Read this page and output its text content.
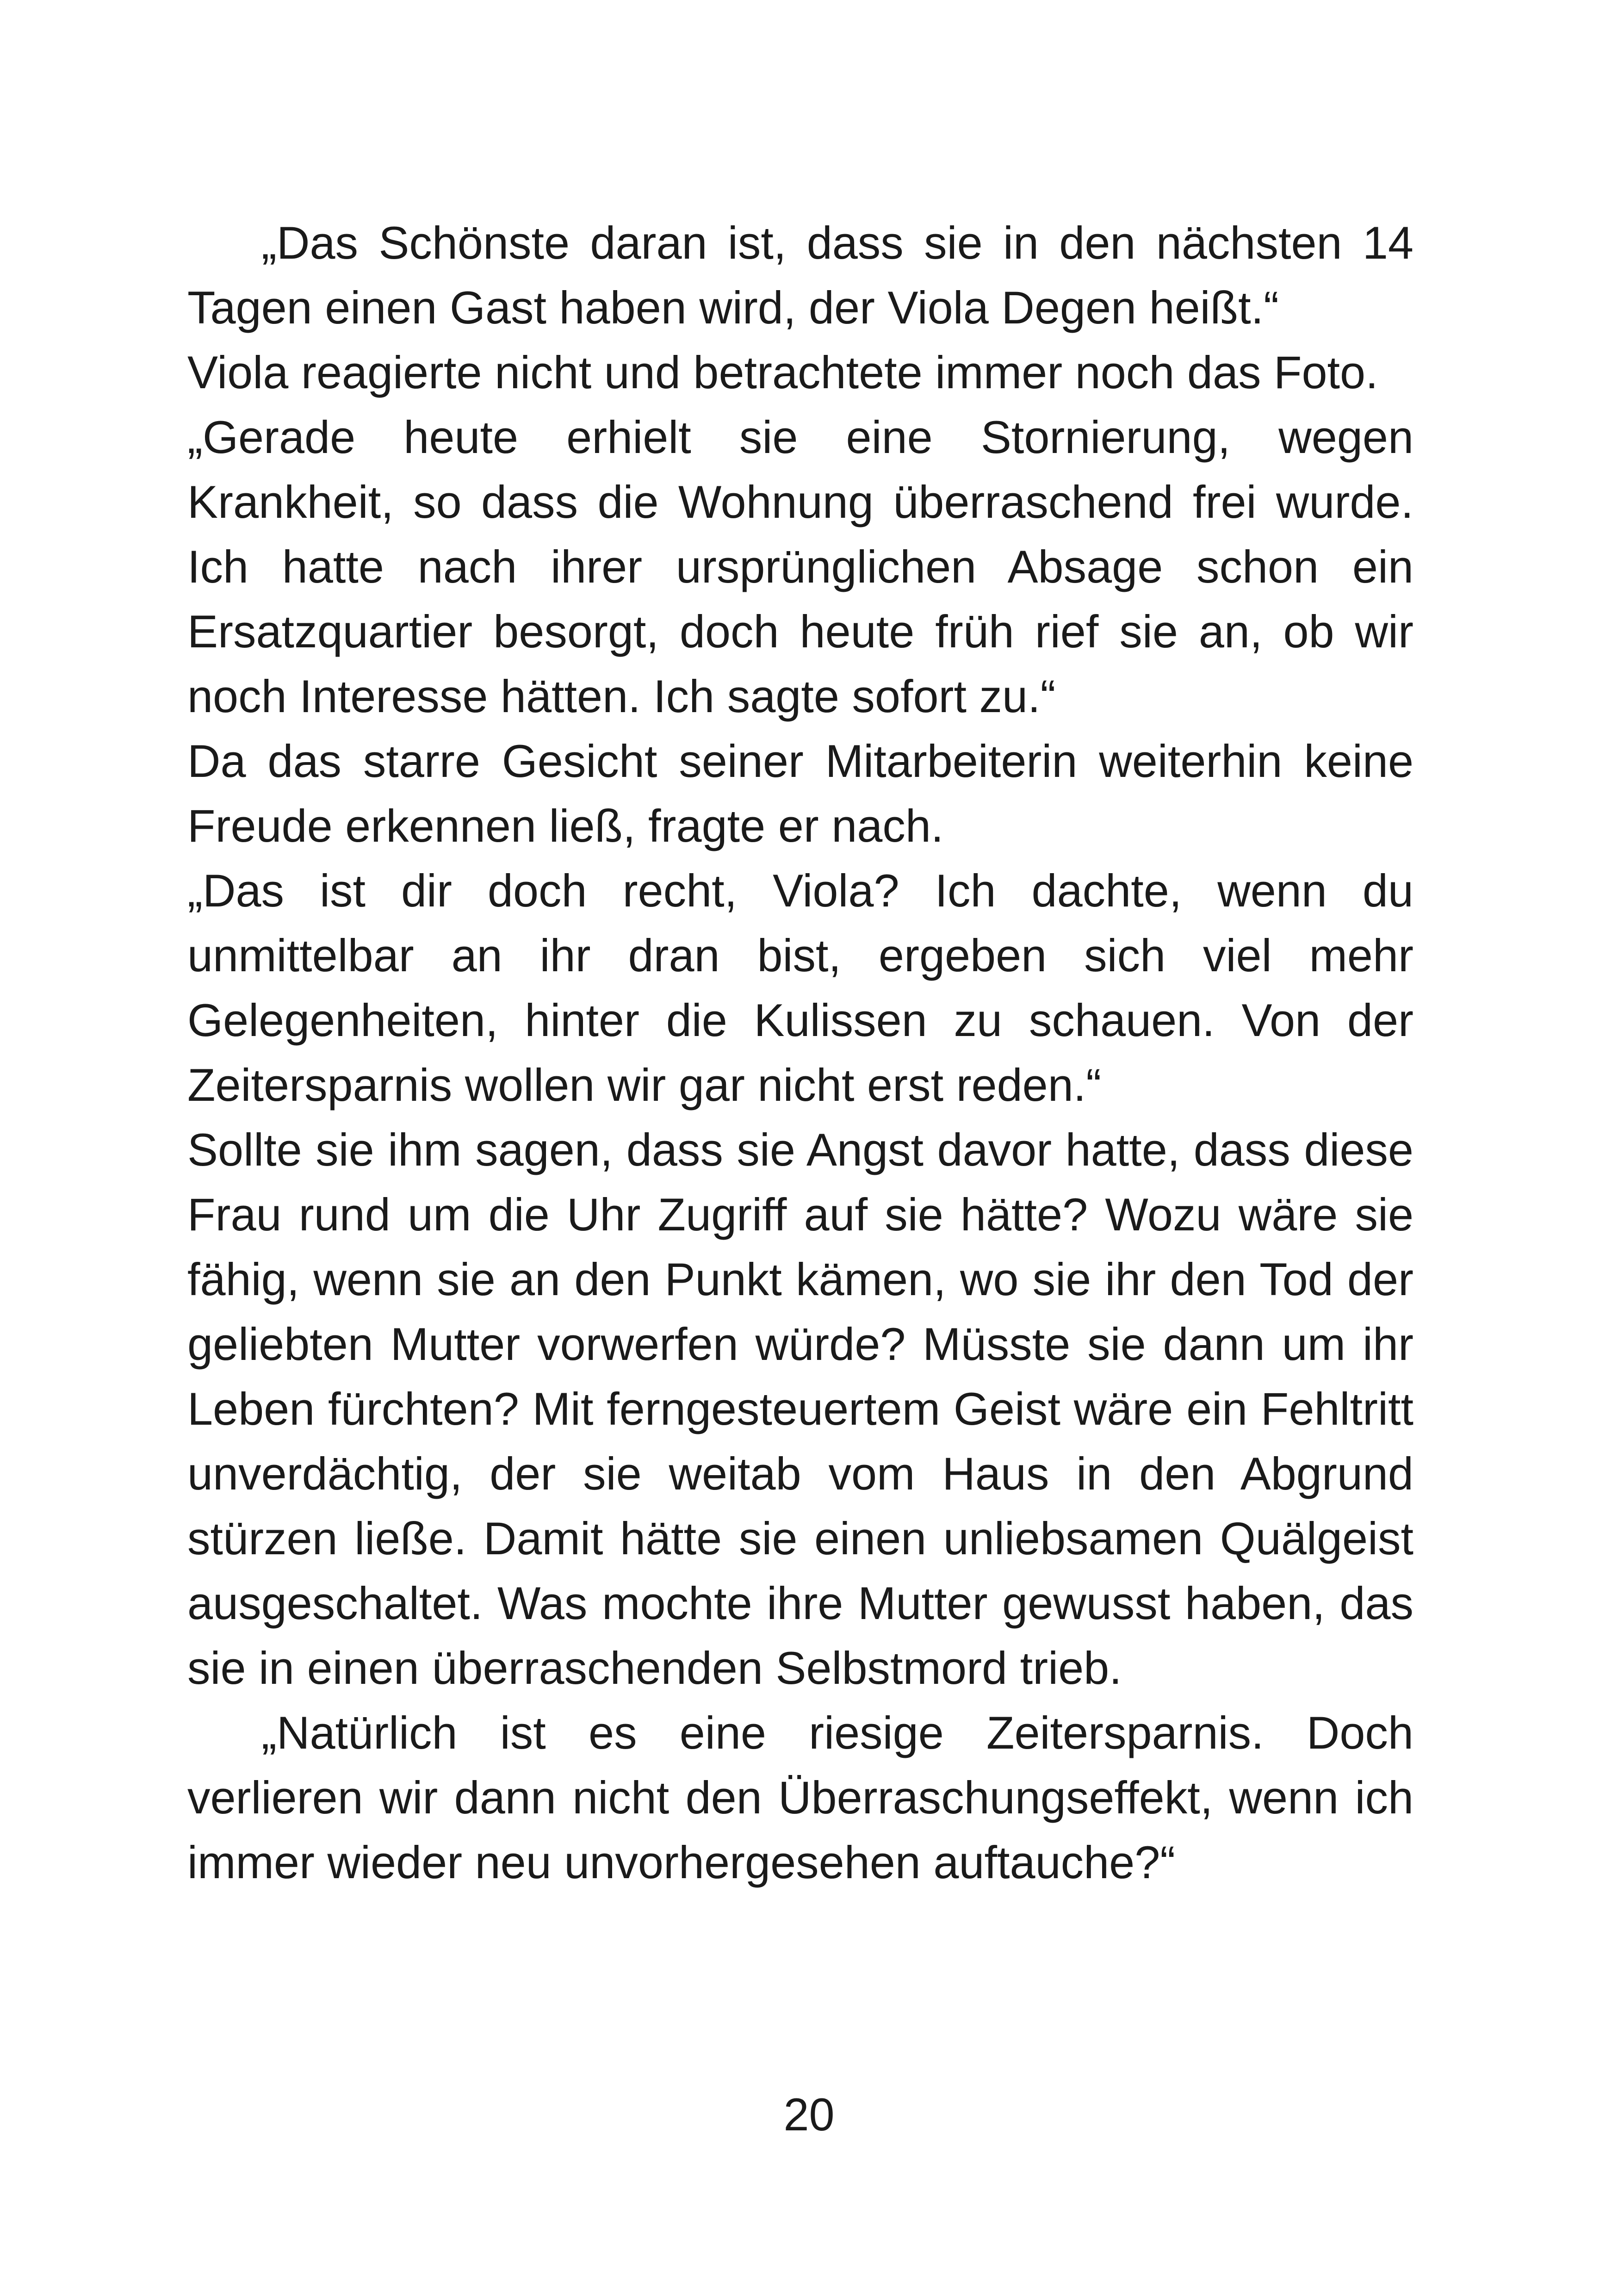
„Das Schönste daran ist, dass sie in den nächsten 14 Tagen einen Gast haben wird, der Viola Degen heißt.“

Viola reagierte nicht und betrachtete immer noch das Foto.

„Gerade heute erhielt sie eine Stornierung, wegen Krankheit, so dass die Wohnung überraschend frei wurde. Ich hatte nach ihrer ursprünglichen Absage schon ein Ersatzquartier besorgt, doch heute früh rief sie an, ob wir noch Interesse hätten. Ich sagte sofort zu.“

Da das starre Gesicht seiner Mitarbeiterin weiterhin keine Freude erkennen ließ, fragte er nach.

„Das ist dir doch recht, Viola? Ich dachte, wenn du unmittelbar an ihr dran bist, ergeben sich viel mehr Gelegenheiten, hinter die Kulissen zu schauen. Von der Zeitersparnis wollen wir gar nicht erst reden.“

Sollte sie ihm sagen, dass sie Angst davor hatte, dass diese Frau rund um die Uhr Zugriff auf sie hätte? Wozu wäre sie fähig, wenn sie an den Punkt kämen, wo sie ihr den Tod der geliebten Mutter vorwerfen würde? Müsste sie dann um ihr Leben fürchten? Mit ferngesteuertem Geist wäre ein Fehltritt unverdächtig, der sie weitab vom Haus in den Abgrund stürzen ließe. Damit hätte sie einen unliebsamen Quälgeist ausgeschaltet. Was mochte ihre Mutter gewusst haben, das sie in einen überraschenden Selbstmord trieb.

„Natürlich ist es eine riesige Zeitersparnis. Doch verlieren wir dann nicht den Überraschungseffekt, wenn ich immer wieder neu unvorhergesehen auftauche?“

20
